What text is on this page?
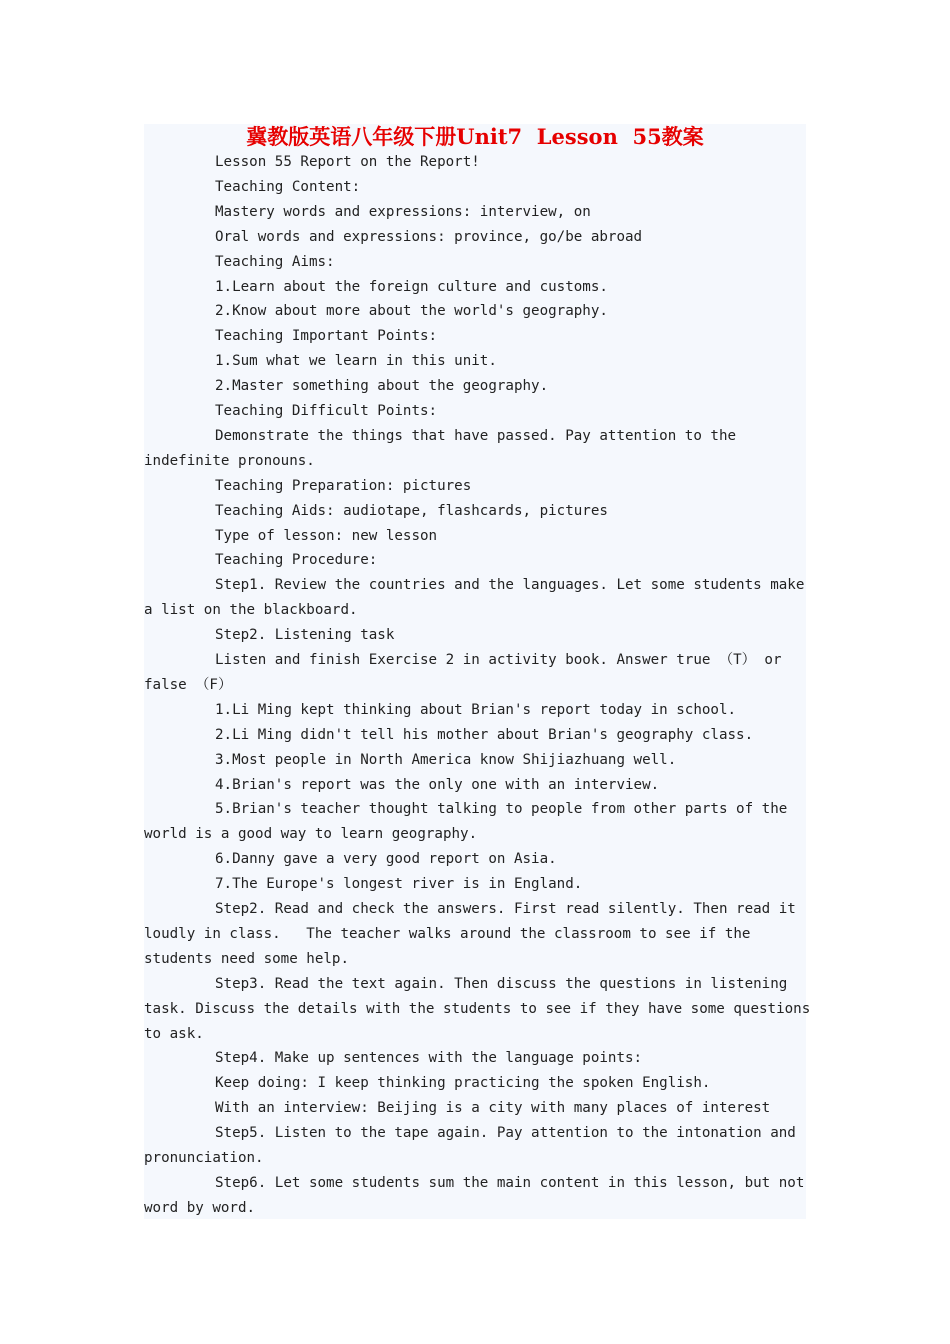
冀教版英语八年级下册Unit7  Lesson  55教案
Lesson 55 Report on the Report!
Teaching Content:
Mastery words and expressions: interview, on
Oral words and expressions: province, go/be abroad
Teaching Aims:
1.Learn about the foreign culture and customs.
2.Know about more about the world's geography.
Teaching Important Points:
1.Sum what we learn in this unit.
2.Master something about the geography.
Teaching Difficult Points:
Demonstrate the things that have passed. Pay attention to the
indefinite pronouns.
Teaching Preparation: pictures
Teaching Aids: audiotape, flashcards, pictures
Type of lesson: new lesson
Teaching Procedure:
Step1. Review the countries and the languages. Let some students make
a list on the blackboard.
Step2. Listening task
Listen and finish Exercise 2 in activity book. Answer true （T） or
false （F）
1.Li Ming kept thinking about Brian's report today in school.
2.Li Ming didn't tell his mother about Brian's geography class.
3.Most people in North America know Shijiazhuang well.
4.Brian's report was the only one with an interview.
5.Brian's teacher thought talking to people from other parts of the
world is a good way to learn geography.
6.Danny gave a very good report on Asia.
7.The Europe's longest river is in England.
Step2. Read and check the answers. First read silently. Then read it
loudly in class.   The teacher walks around the classroom to see if the
students need some help.
Step3. Read the text again. Then discuss the questions in listening
task. Discuss the details with the students to see if they have some questions
to ask.
Step4. Make up sentences with the language points:
Keep doing: I keep thinking practicing the spoken English.
With an interview: Beijing is a city with many places of interest
Step5. Listen to the tape again. Pay attention to the intonation and
pronunciation.
Step6. Let some students sum the main content in this lesson, but not
word by word.
